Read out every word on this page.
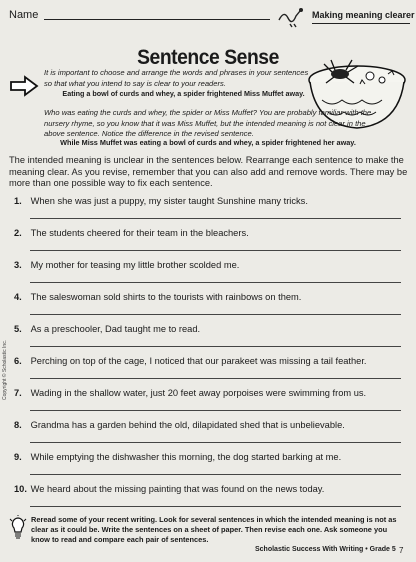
Name	Making meaning clearer
Sentence Sense
It is important to choose and arrange the words and phrases in your sentences so that what you intend to say is clear to your readers.
Eating a bowl of curds and whey, a spider frightened Miss Muffet away.
Who was eating the curds and whey, the spider or Miss Muffet? You are probably familiar with the nursery rhyme, so you know that it was Miss Muffet, but the intended meaning is not clear in the above sentence. Notice the difference in the revised sentence.
While Miss Muffet was eating a bowl of curds and whey, a spider frightened her away.
The intended meaning is unclear in the sentences below. Rearrange each sentence to make the meaning clear. As you revise, remember that you can also add and remove words. There may be more than one possible way to fix each sentence.
1. When she was just a puppy, my sister taught Sunshine many tricks.
2. The students cheered for their team in the bleachers.
3. My mother for teasing my little brother scolded me.
4. The saleswoman sold shirts to the tourists with rainbows on them.
5. As a preschooler, Dad taught me to read.
6. Perching on top of the cage, I noticed that our parakeet was missing a tail feather.
7. Wading in the shallow water, just 20 feet away porpoises were swimming from us.
8. Grandma has a garden behind the old, dilapidated shed that is unbelievable.
9. While emptying the dishwasher this morning, the dog started barking at me.
10. We heard about the missing painting that was found on the news today.
Reread some of your recent writing. Look for several sentences in which the intended meaning is not as clear as it could be. Write the sentences on a sheet of paper. Then revise each one. Ask someone you know to read and compare each pair of sentences.
Scholastic Success With Writing • Grade 5 7
Copyright © Scholastic Inc.
